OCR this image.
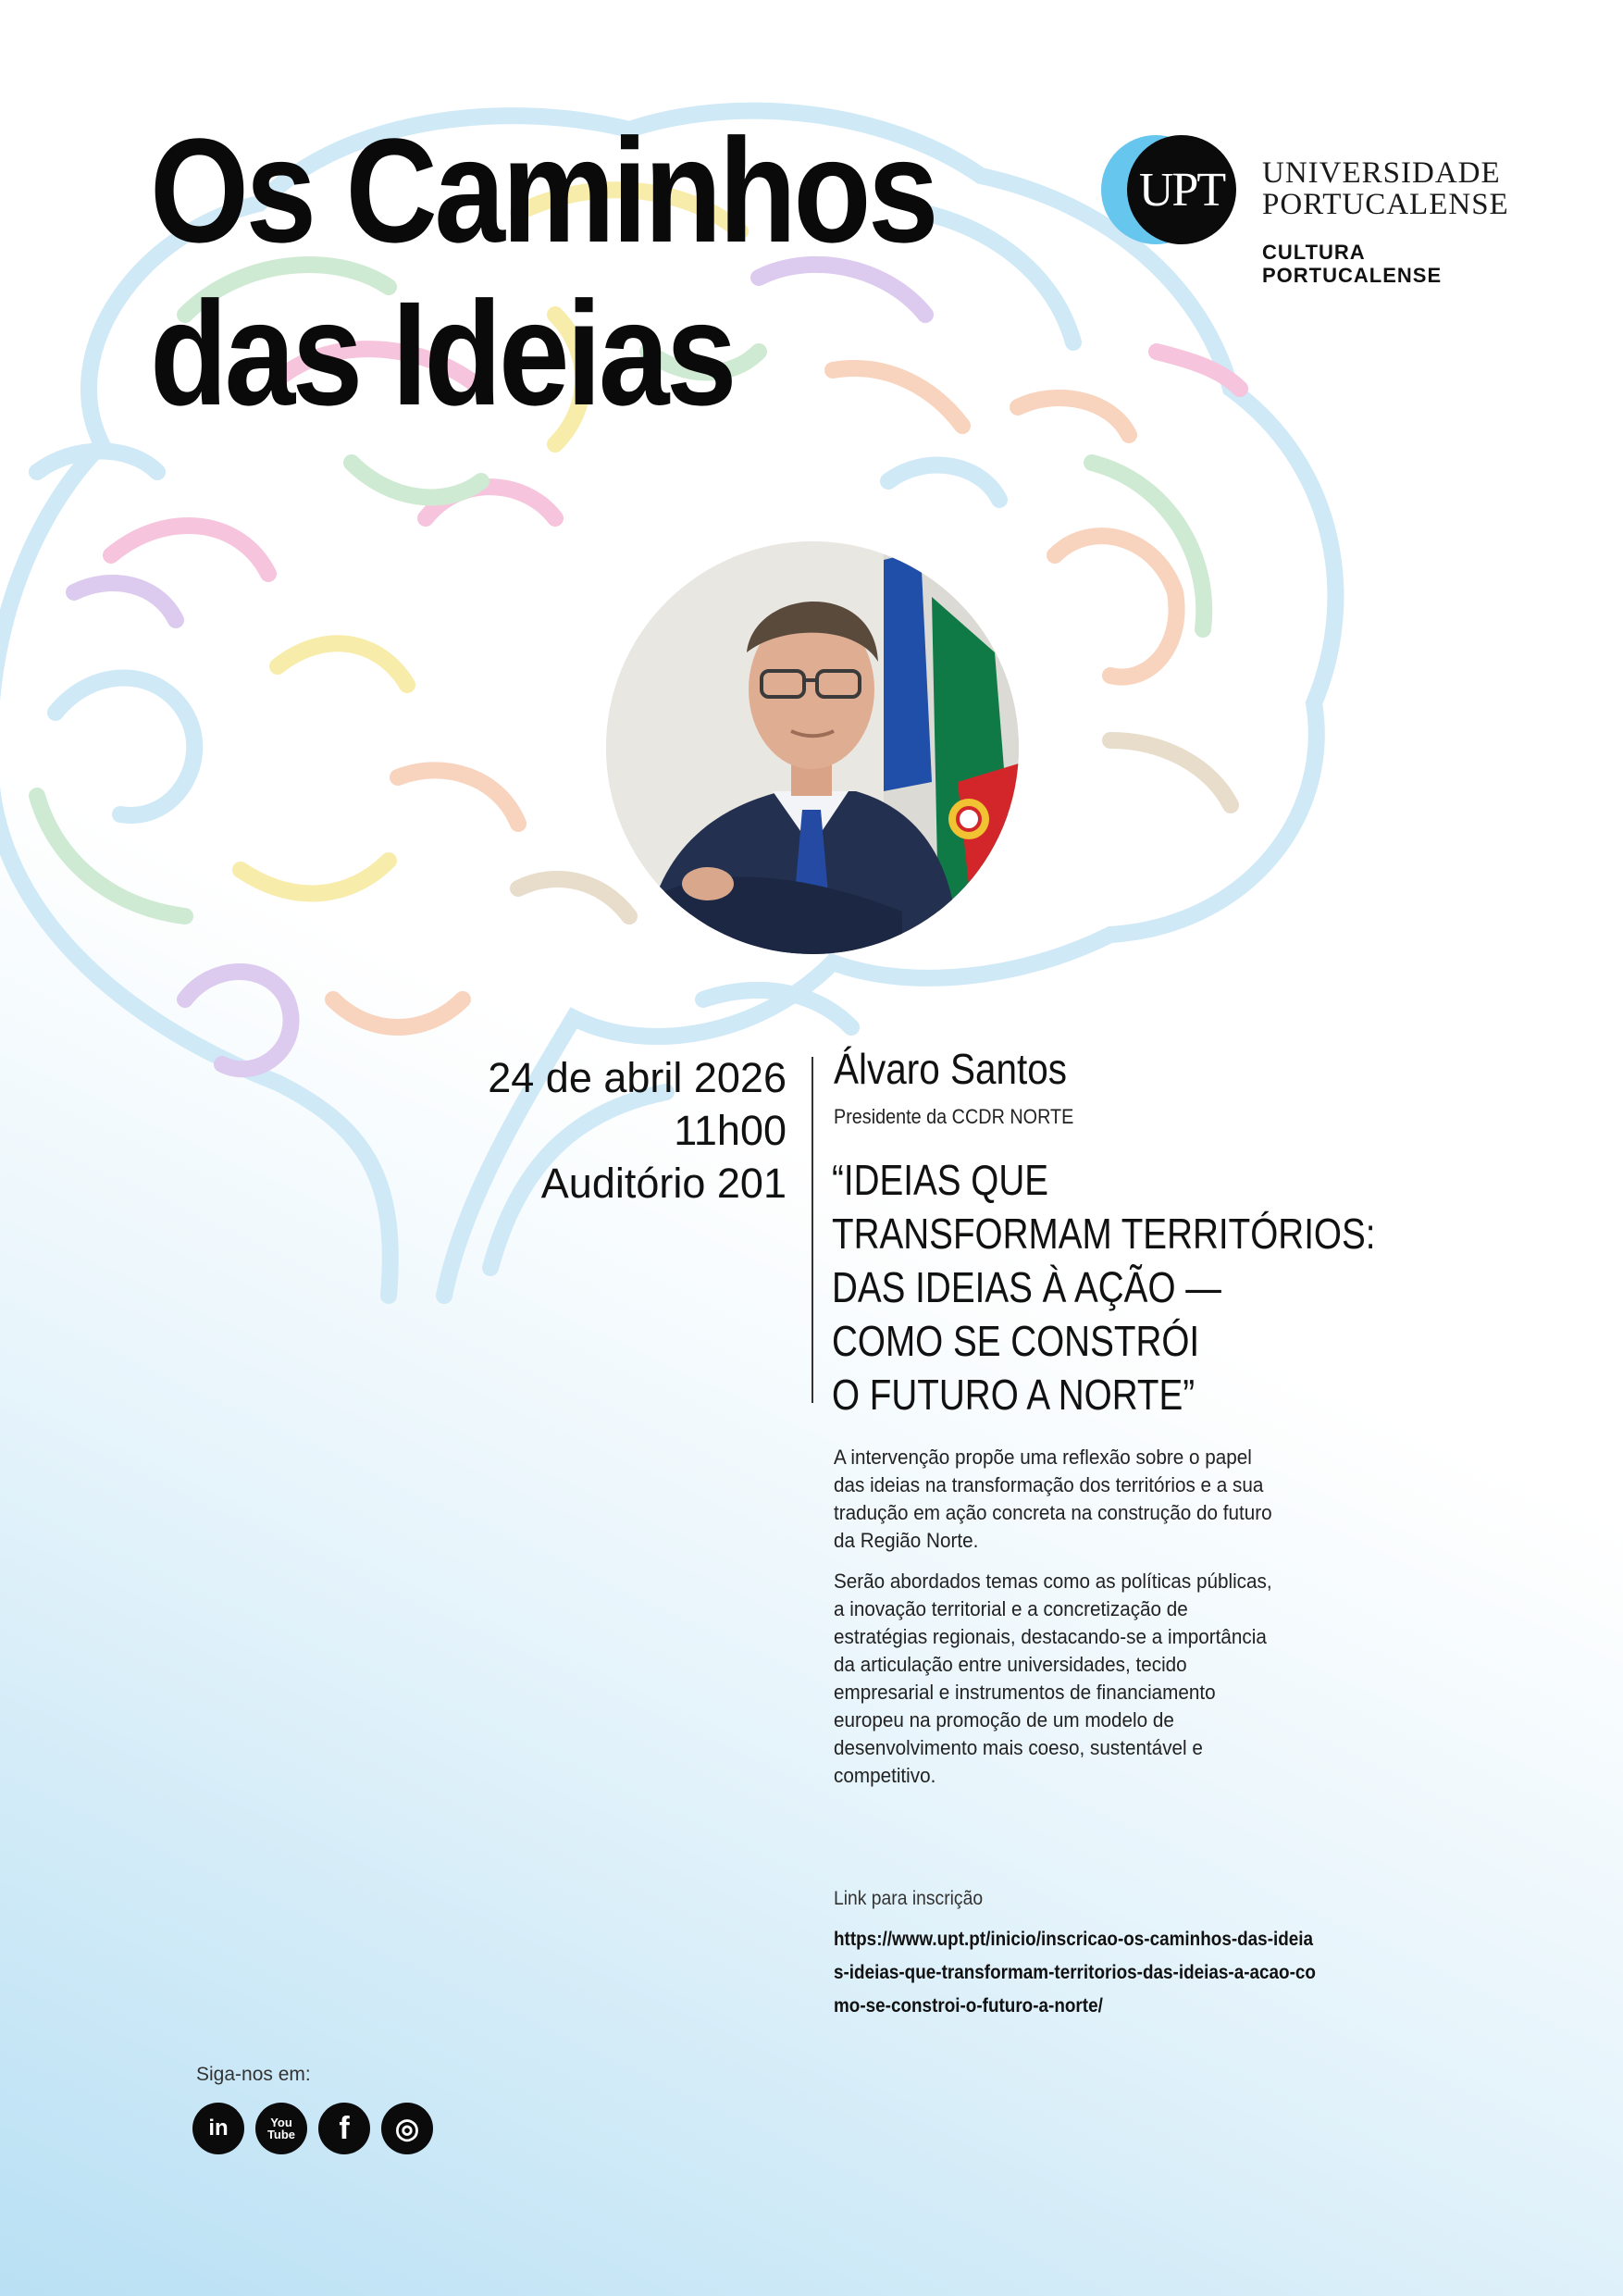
Os Caminhos
das Ideias
UPT	UNIVERSIDADE
PORTUCALENSE
CULTURA
PORTUCALENSE
24 de abril 2026
11h00
Auditório 201
Álvaro Santos
Presidente da CCDR NORTE
“IDEIAS QUE
TRANSFORMAM TERRITÓRIOS:
DAS IDEIAS À AÇÃO —
COMO SE CONSTRÓI
O FUTURO A NORTE”

A intervenção propõe uma reflexão sobre o papel das ideias na transformação dos territórios e a sua tradução em ação concreta na construção do futuro da Região Norte.

Serão abordados temas como as políticas públicas, a inovação territorial e a concretização de estratégias regionais, destacando-se a importância da articulação entre universidades, tecido empresarial e instrumentos de financiamento europeu na promoção de um modelo de desenvolvimento mais coeso, sustentável e competitivo.

Link para inscrição
https://www.upt.pt/inicio/inscricao-os-caminhos-das-ideias-ideias-que-transformam-territorios-das-ideias-a-acao-como-se-constroi-o-futuro-a-norte/
Siga-nos em:
in	You Tube f ◎
